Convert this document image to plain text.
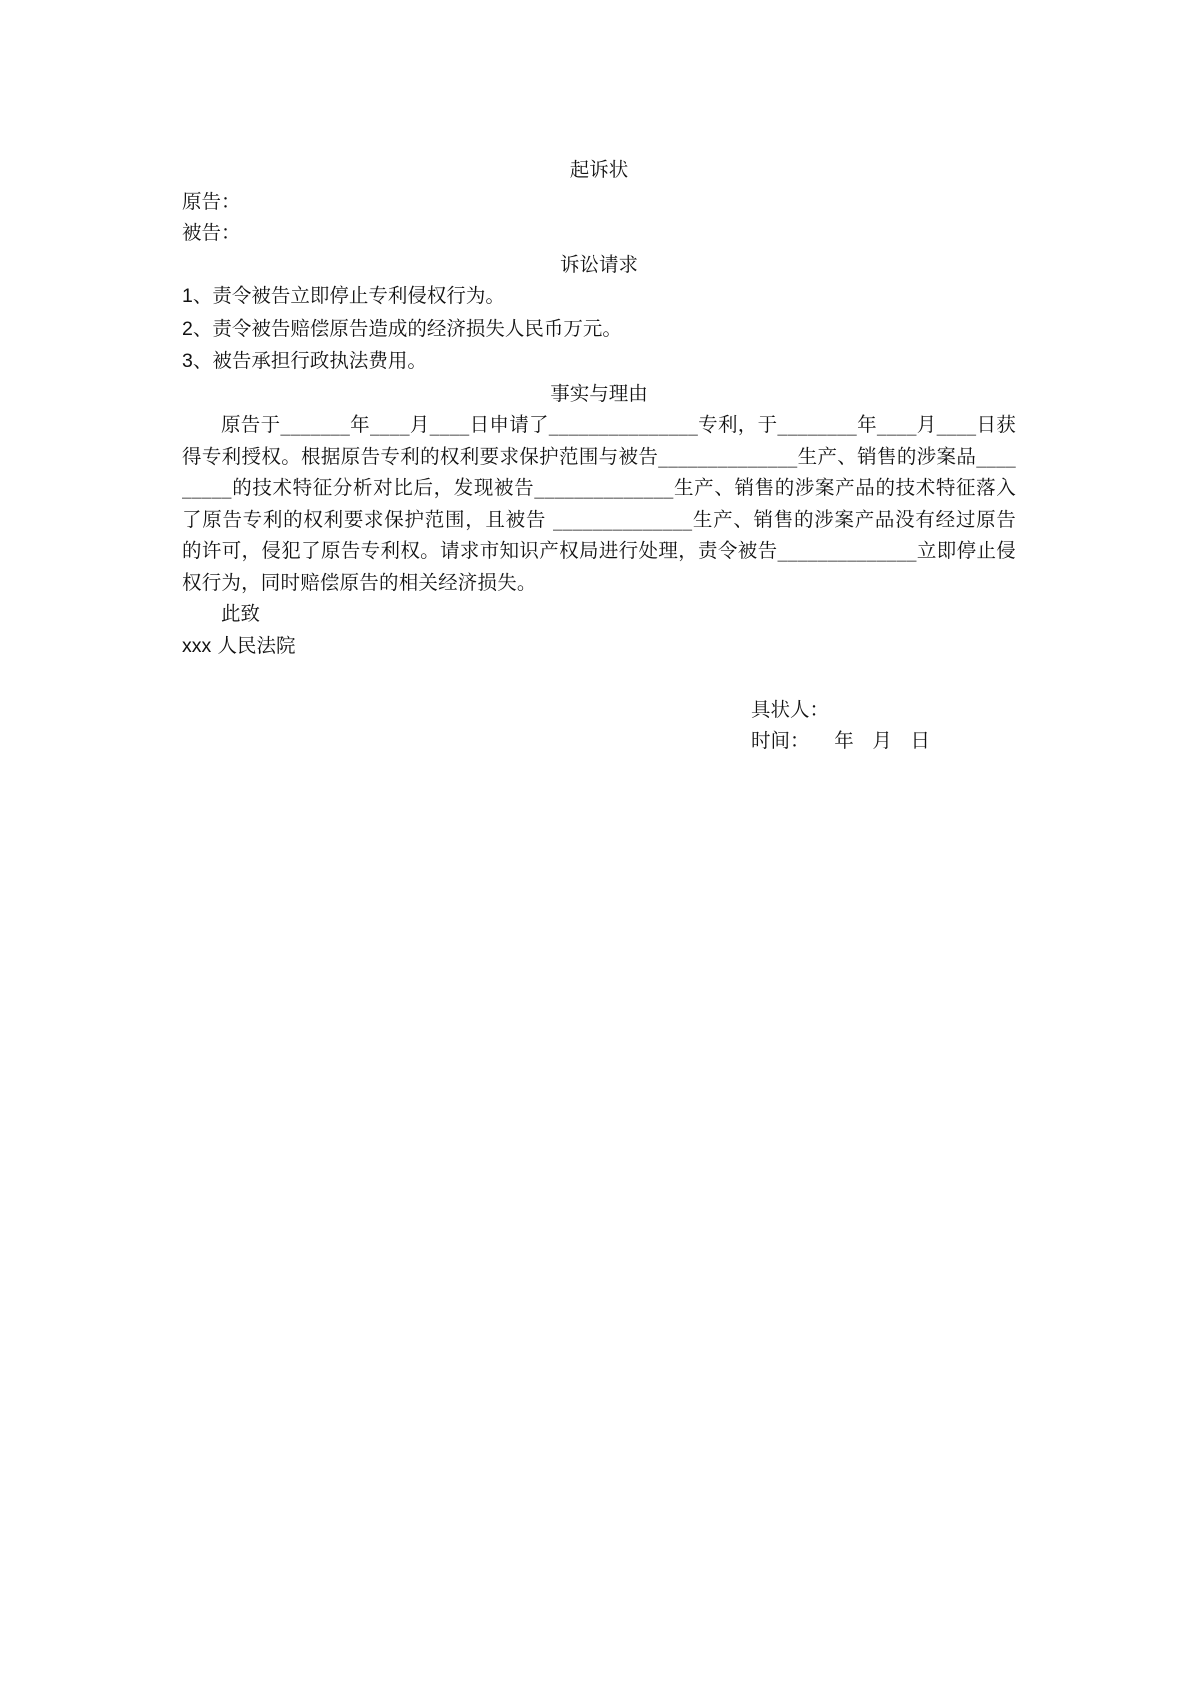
起诉状
原告：
被告：
诉讼请求
1、责令被告立即停止专利侵权行为。
2、责令被告赔偿原告造成的经济损失人民币万元。
3、被告承担行政执法费用。
事实与理由
原告于_______年____月____日申请了_______________专利，于________年____月____日获得专利授权。根据原告专利的权利要求保护范围与被告______________生产、销售的涉案品_________的技术特征分析对比后，发现被告______________生产、销售的涉案产品的技术特征落入了原告专利的权利要求保护范围，且被告 ______________生产、销售的涉案产品没有经过原告的许可，侵犯了原告专利权。请求市知识产权局进行处理，责令被告______________立即停止侵权行为，同时赔偿原告的相关经济损失。
此致
xxx 人民法院
具状人：
时间：    年   月   日
